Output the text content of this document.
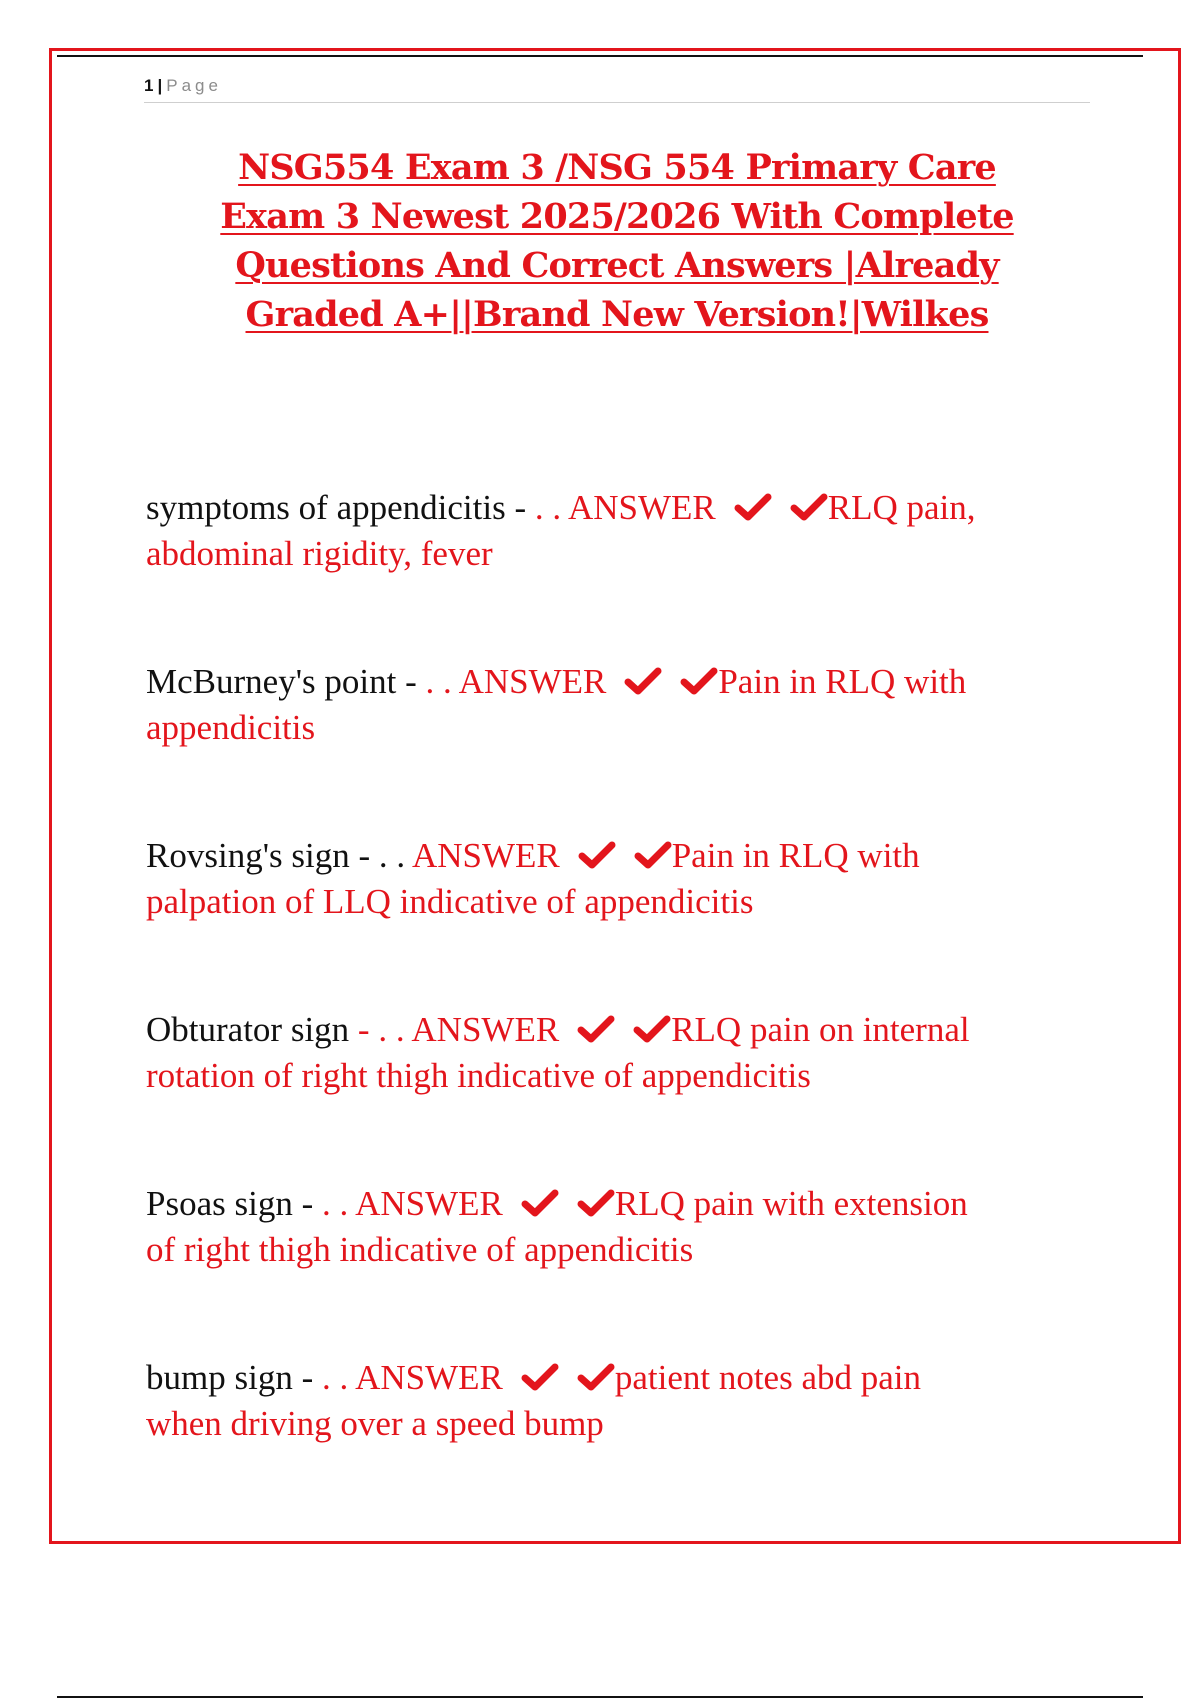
1 | Page
NSG554 Exam 3 /NSG 554 Primary Care
Exam 3 Newest 2025/2026 With Complete
Questions And Correct Answers |Already
Graded A+||Brand New Version!|Wilkes
symptoms of appendicitis - . . ANSWER	RLQ pain,
abdominal rigidity, fever
McBurney's point - . . ANSWER	Pain in RLQ with
appendicitis
Rovsing's sign - . . ANSWER	Pain in RLQ with
palpation of LLQ indicative of appendicitis
Obturator sign - . . ANSWER	RLQ pain on internal
rotation of right thigh indicative of appendicitis
Psoas sign - . . ANSWER	RLQ pain with extension
of right thigh indicative of appendicitis
bump sign - . . ANSWER	patient notes abd pain
when driving over a speed bump
